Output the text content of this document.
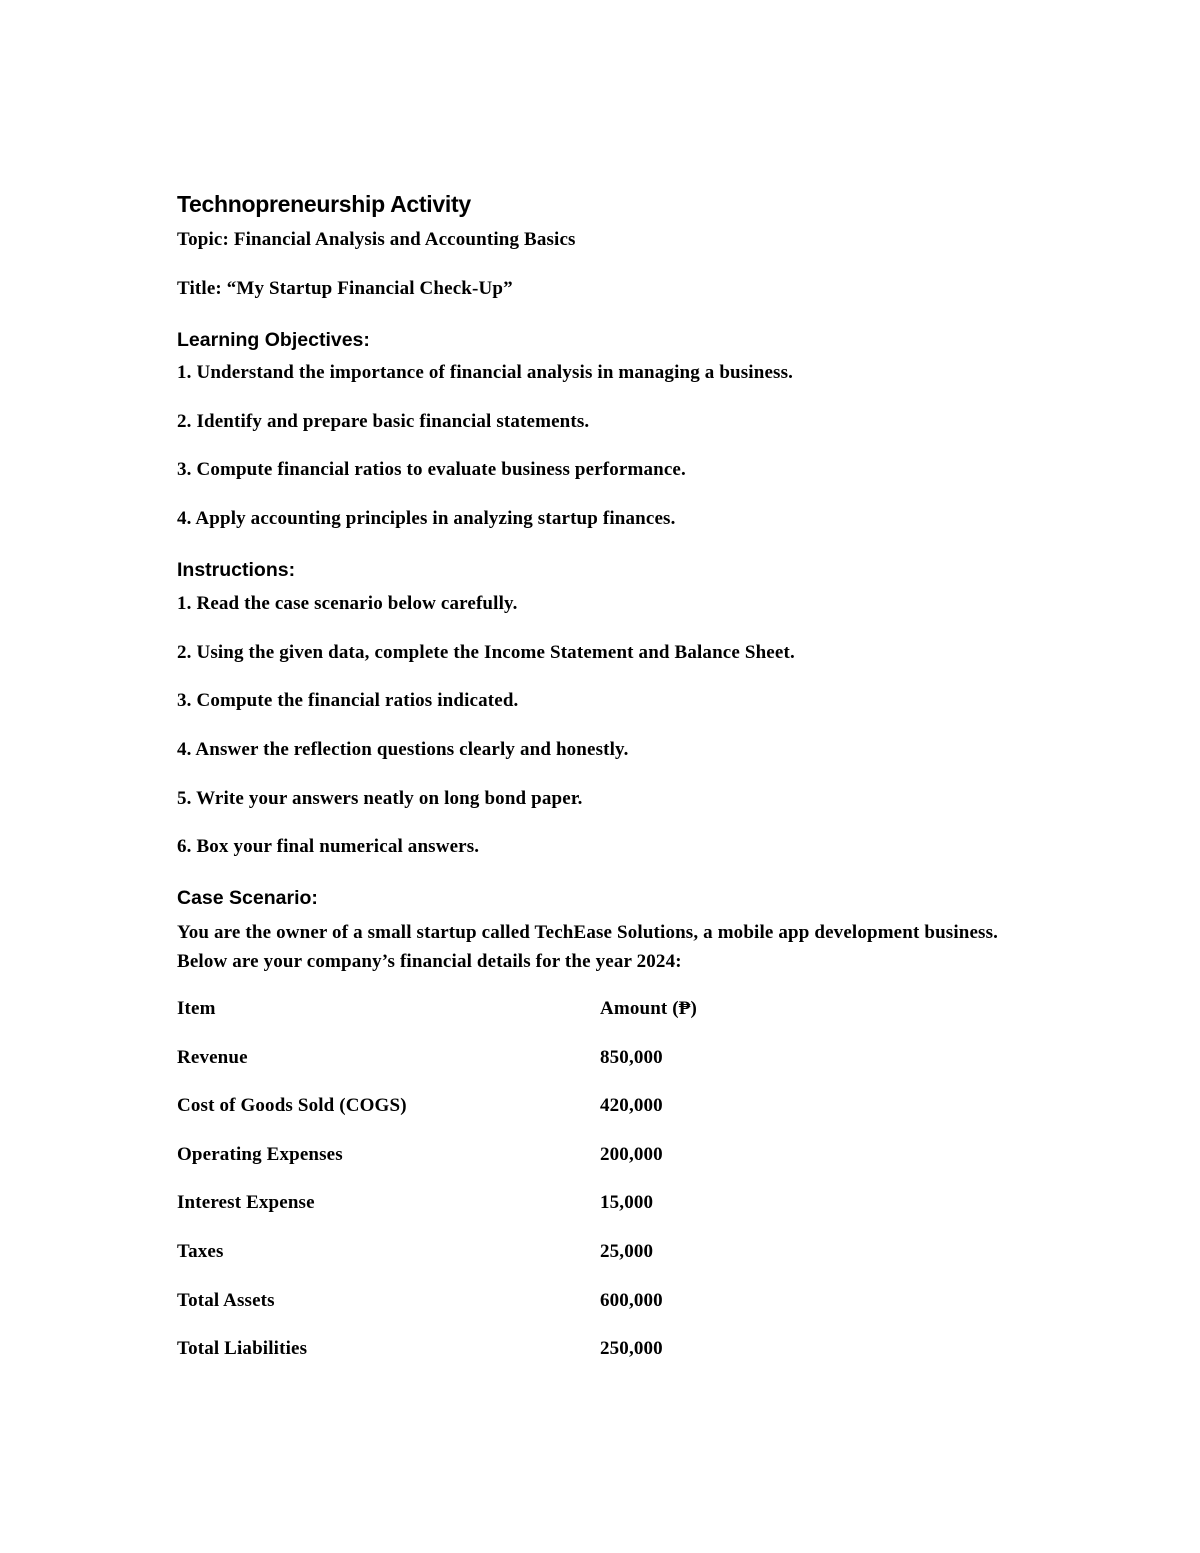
Technopreneurship Activity
Topic: Financial Analysis and Accounting Basics
Title: “My Startup Financial Check-Up”
Learning Objectives:
1. Understand the importance of financial analysis in managing a business.
2. Identify and prepare basic financial statements.
3. Compute financial ratios to evaluate business performance.
4. Apply accounting principles in analyzing startup finances.
Instructions:
1. Read the case scenario below carefully.
2. Using the given data, complete the Income Statement and Balance Sheet.
3. Compute the financial ratios indicated.
4. Answer the reflection questions clearly and honestly.
5. Write your answers neatly on long bond paper.
6. Box your final numerical answers.
Case Scenario:
You are the owner of a small startup called TechEase Solutions, a mobile app development business. Below are your company’s financial details for the year 2024:
Item	Amount (₱)
Revenue	850,000
Cost of Goods Sold (COGS)	420,000
Operating Expenses	200,000
Interest Expense	15,000
Taxes	25,000
Total Assets	600,000
Total Liabilities	250,000
